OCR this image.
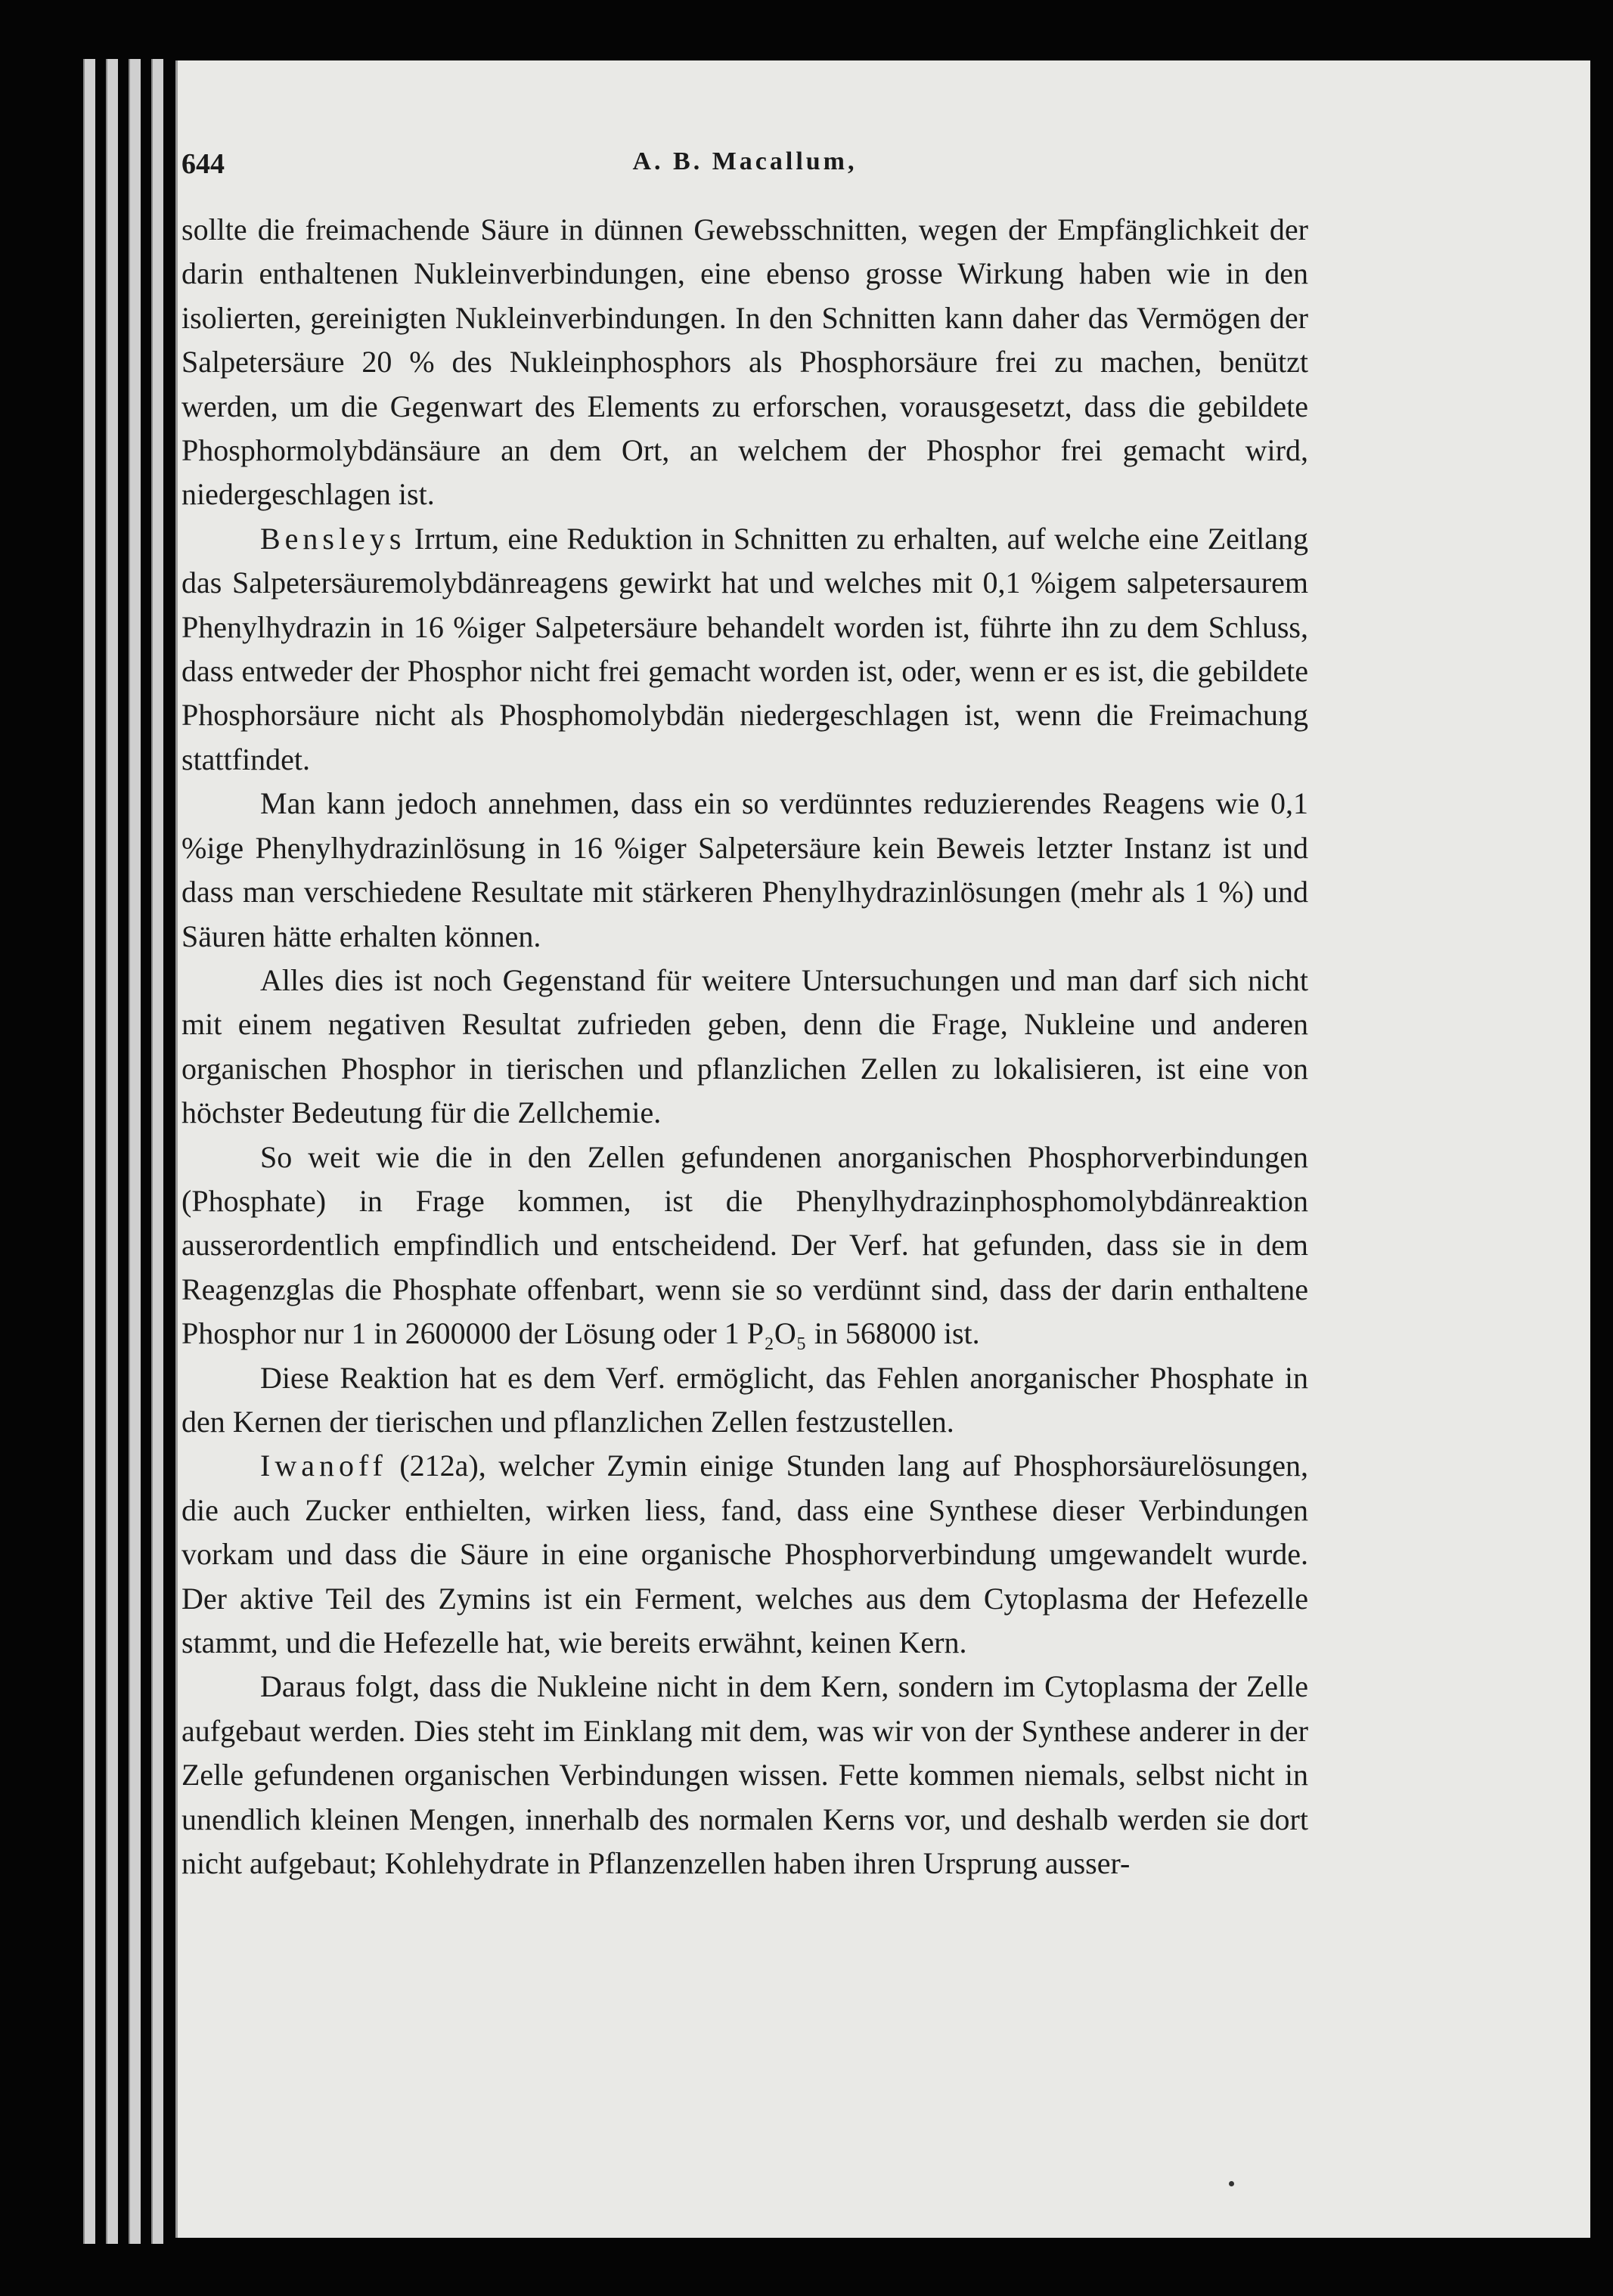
644	A. B. Macallum,

sollte die freimachende Säure in dünnen Gewebsschnitten, wegen der Empfänglichkeit der darin enthaltenen Nukleinverbindungen, eine ebenso grosse Wirkung haben wie in den isolierten, gereinigten Nukleinverbindungen. In den Schnitten kann daher das Vermögen der Salpetersäure 20 % des Nukleinphosphors als Phosphorsäure frei zu machen, benützt werden, um die Gegenwart des Elements zu erforschen, vorausgesetzt, dass die gebildete Phosphormolybdänsäure an dem Ort, an welchem der Phosphor frei gemacht wird, niedergeschlagen ist.

Bensleys Irrtum, eine Reduktion in Schnitten zu erhalten, auf welche eine Zeitlang das Salpetersäuremolybdänreagens gewirkt hat und welches mit 0,1 %igem salpetersaurem Phenylhydrazin in 16 %iger Salpetersäure behandelt worden ist, führte ihn zu dem Schluss, dass entweder der Phosphor nicht frei gemacht worden ist, oder, wenn er es ist, die gebildete Phosphorsäure nicht als Phosphomolybdän niedergeschlagen ist, wenn die Freimachung stattfindet.

Man kann jedoch annehmen, dass ein so verdünntes reduzierendes Reagens wie 0,1 %ige Phenylhydrazinlösung in 16 %iger Salpetersäure kein Beweis letzter Instanz ist und dass man verschiedene Resultate mit stärkeren Phenylhydrazinlösungen (mehr als 1 %) und Säuren hätte erhalten können.

Alles dies ist noch Gegenstand für weitere Untersuchungen und man darf sich nicht mit einem negativen Resultat zufrieden geben, denn die Frage, Nukleine und anderen organischen Phosphor in tierischen und pflanzlichen Zellen zu lokalisieren, ist eine von höchster Bedeutung für die Zellchemie.

So weit wie die in den Zellen gefundenen anorganischen Phosphorverbindungen (Phosphate) in Frage kommen, ist die Phenylhydrazinphosphomolybdänreaktion ausserordentlich empfindlich und entscheidend. Der Verf. hat gefunden, dass sie in dem Reagenzglas die Phosphate offenbart, wenn sie so verdünnt sind, dass der darin enthaltene Phosphor nur 1 in 2600000 der Lösung oder 1 P₂O₅ in 568000 ist.

Diese Reaktion hat es dem Verf. ermöglicht, das Fehlen anorganischer Phosphate in den Kernen der tierischen und pflanzlichen Zellen festzustellen.

Iwanoff (212a), welcher Zymin einige Stunden lang auf Phosphorsäurelösungen, die auch Zucker enthielten, wirken liess, fand, dass eine Synthese dieser Verbindungen vorkam und dass die Säure in eine organische Phosphorverbindung umgewandelt wurde. Der aktive Teil des Zymins ist ein Ferment, welches aus dem Cytoplasma der Hefezelle stammt, und die Hefezelle hat, wie bereits erwähnt, keinen Kern.

Daraus folgt, dass die Nukleine nicht in dem Kern, sondern im Cytoplasma der Zelle aufgebaut werden. Dies steht im Einklang mit dem, was wir von der Synthese anderer in der Zelle gefundenen organischen Verbindungen wissen. Fette kommen niemals, selbst nicht in unendlich kleinen Mengen, innerhalb des normalen Kerns vor, und deshalb werden sie dort nicht aufgebaut; Kohlehydrate in Pflanzenzellen haben ihren Ursprung ausser-
